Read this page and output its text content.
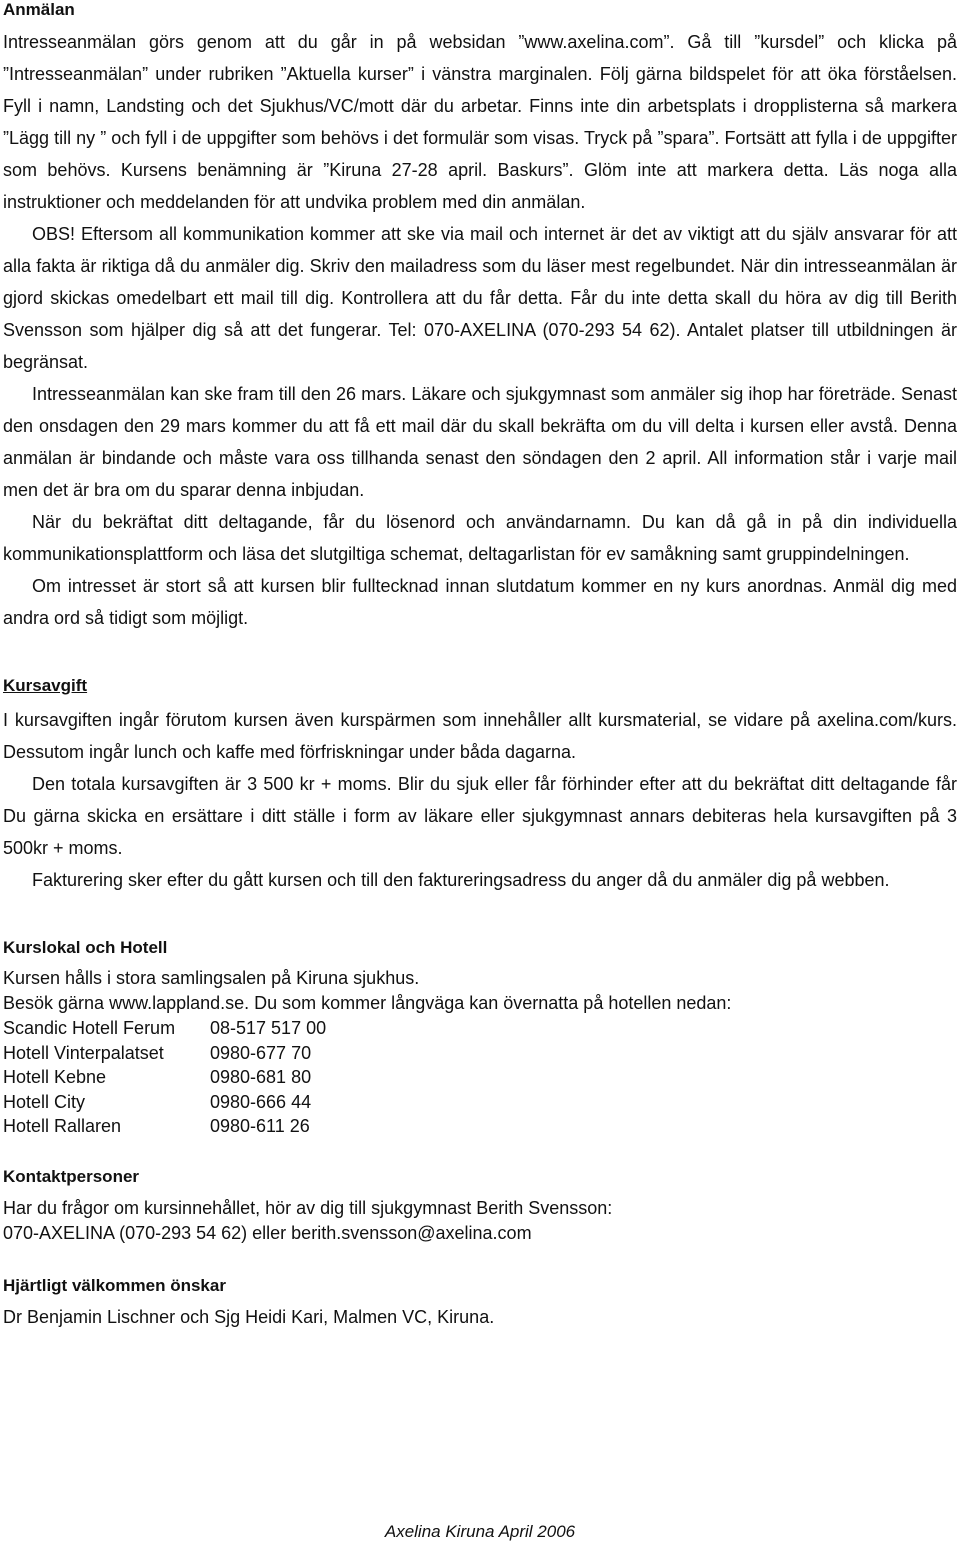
Anmälan

Intresseanmälan görs genom att du går in på websidan ”www.axelina.com”. Gå till ”kursdel” och klicka på ”Intresseanmälan” under rubriken ”Aktuella kurser” i vänstra marginalen. Följ gärna bildspelet för att öka förståelsen. Fyll i namn, Landsting och det Sjukhus/VC/mott där du arbetar. Finns inte din arbetsplats i dropplisterna så markera ”Lägg till ny ” och fyll i de uppgifter som behövs i det formulär som visas. Tryck på ”spara”. Fortsätt att fylla i de uppgifter som behövs. Kursens benämning är ”Kiruna 27-28 april. Baskurs”. Glöm inte att markera detta. Läs noga alla instruktioner och meddelanden för att undvika problem med din anmälan.

OBS! Eftersom all kommunikation kommer att ske via mail och internet är det av viktigt att du själv ansvarar för att alla fakta är riktiga då du anmäler dig. Skriv den mailadress som du läser mest regelbundet. När din intresseanmälan är gjord skickas omedelbart ett mail till dig. Kontrollera att du får detta. Får du inte detta skall du höra av dig till Berith Svensson som hjälper dig så att det fungerar. Tel: 070-AXELINA (070-293 54 62). Antalet platser till utbildningen är begränsat.

Intresseanmälan kan ske fram till den 26 mars. Läkare och sjukgymnast som anmäler sig ihop har företräde. Senast den onsdagen den 29 mars kommer du att få ett mail där du skall bekräfta om du vill delta i kursen eller avstå. Denna anmälan är bindande och måste vara oss tillhanda senast den söndagen den 2 april. All information står i varje mail men det är bra om du sparar denna inbjudan.

När du bekräftat ditt deltagande, får du lösenord och användarnamn. Du kan då gå in på din individuella kommunikationsplattform och läsa det slutgiltiga schemat, deltagarlistan för ev samåkning samt gruppindelningen.

Om intresset är stort så att kursen blir fulltecknad innan slutdatum kommer en ny kurs anordnas. Anmäl dig med andra ord så tidigt som möjligt.

Kursavgift

I kursavgiften ingår förutom kursen även kurspärmen som innehåller allt kursmaterial, se vidare på axelina.com/kurs. Dessutom ingår lunch och kaffe med förfriskningar under båda dagarna.

Den totala kursavgiften är 3 500 kr + moms. Blir du sjuk eller får förhinder efter att du bekräftat ditt deltagande får Du gärna skicka en ersättare i ditt ställe i form av läkare eller sjukgymnast annars debiteras hela kursavgiften på 3 500kr + moms.

Fakturering sker efter du gått kursen och till den faktureringsadress du anger då du anmäler dig på webben.

Kurslokal och Hotell

Kursen hålls i stora samlingsalen på Kiruna sjukhus.

Besök gärna www.lappland.se. Du som kommer långväga kan övernatta på hotellen nedan:

Scandic Hotell Ferum	08-517 517 00
Hotell Vinterpalatset	0980-677 70
Hotell Kebne	0980-681 80
Hotell City	0980-666 44
Hotell Rallaren	0980-611 26
Kontaktpersoner

Har du frågor om kursinnehållet, hör av dig till sjukgymnast Berith Svensson:

070-AXELINA (070-293 54 62) eller berith.svensson@axelina.com

Hjärtligt välkommen önskar

Dr Benjamin Lischner och Sjg Heidi Kari, Malmen VC, Kiruna.

Axelina Kiruna April 2006
